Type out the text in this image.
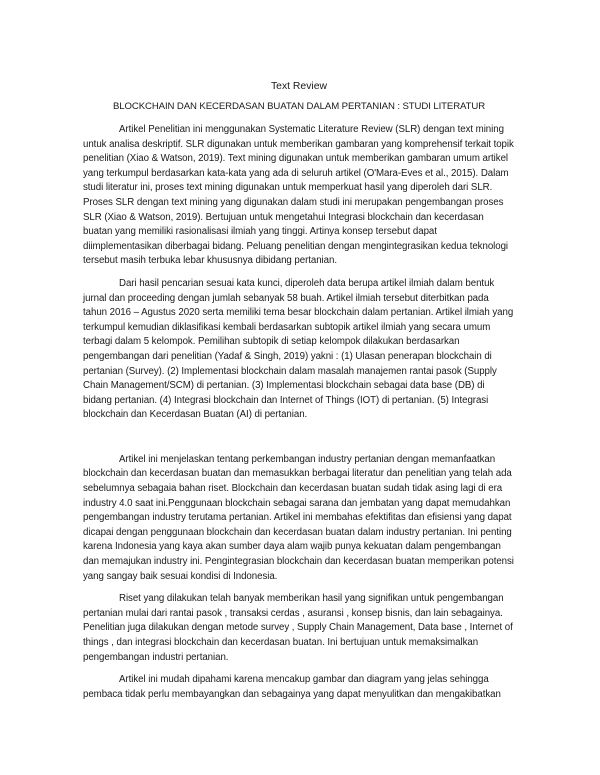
Text Review
BLOCKCHAIN DAN KECERDASAN BUATAN DALAM PERTANIAN : STUDI LITERATUR

Artikel Penelitian ini menggunakan Systematic Literature Review (SLR) dengan text mining untuk analisa deskriptif. SLR digunakan untuk memberikan gambaran yang komprehensif terkait topik penelitian (Xiao & Watson, 2019). Text mining digunakan untuk memberikan gambaran umum artikel yang terkumpul berdasarkan kata-kata yang ada di seluruh artikel (O'Mara-Eves et al., 2015). Dalam studi literatur ini, proses text mining digunakan untuk memperkuat hasil yang diperoleh dari SLR. Proses SLR dengan text mining yang digunakan dalam studi ini merupakan pengembangan proses SLR (Xiao & Watson, 2019). Bertujuan untuk mengetahui Integrasi blockchain dan kecerdasan buatan yang memiliki rasionalisasi ilmiah yang tinggi. Artinya konsep tersebut dapat diimplementasikan diberbagai bidang. Peluang penelitian dengan mengintegrasikan kedua teknologi tersebut masih terbuka lebar khususnya dibidang pertanian.

Dari hasil pencarian sesuai kata kunci, diperoleh data berupa artikel ilmiah dalam bentuk jurnal dan proceeding dengan jumlah sebanyak 58 buah. Artikel ilmiah tersebut diterbitkan pada tahun 2016 – Agustus 2020 serta memiliki tema besar blockchain dalam pertanian. Artikel ilmiah yang terkumpul kemudian diklasifikasi kembali berdasarkan subtopik artikel ilmiah yang secara umum terbagi dalam 5 kelompok. Pemilihan subtopik di setiap kelompok dilakukan berdasarkan pengembangan dari penelitian (Yadaf & Singh, 2019) yakni : (1) Ulasan penerapan blockchain di pertanian (Survey). (2) Implementasi blockchain dalam masalah manajemen rantai pasok (Supply Chain Management/SCM) di pertanian. (3) Implementasi blockchain sebagai data base (DB) di bidang pertanian. (4) Integrasi blockchain dan Internet of Things (IOT) di pertanian. (5) Integrasi blockchain dan Kecerdasan Buatan (AI) di pertanian.

Artikel ini menjelaskan tentang perkembangan industry pertanian dengan memanfaatkan blockchain dan kecerdasan buatan dan memasukkan berbagai literatur dan penelitian yang telah ada sebelumnya sebagaia bahan riset. Blockchain dan kecerdasan buatan sudah tidak asing lagi di era industry 4.0 saat ini.Penggunaan blockchain sebagai sarana dan jembatan yang dapat memudahkan pengembangan industry terutama pertanian. Artikel ini membahas efektifitas dan efisiensi yang dapat dicapai dengan penggunaan blockchain dan kecerdasan buatan dalam industry pertanian. Ini penting karena Indonesia yang kaya akan sumber daya alam wajib punya kekuatan dalam pengembangan dan memajukan industry ini. Pengintegrasian blockchain dan kecerdasan buatan memperikan potensi yang sangay baik sesuai kondisi di Indonesia.

Riset yang dilakukan telah banyak memberikan hasil yang signifikan untuk pengembangan pertanian mulai dari rantai pasok , transaksi cerdas , asuransi , konsep bisnis, dan lain sebagainya. Penelitian juga dilakukan dengan metode survey , Supply Chain Management, Data base , Internet of things , dan integrasi blockchain dan kecerdasan buatan. Ini bertujuan untuk memaksimalkan pengembangan industri pertanian.

Artikel ini mudah dipahami karena mencakup gambar dan diagram yang jelas sehingga pembaca tidak perlu membayangkan dan sebagainya yang dapat menyulitkan dan mengakibatkan
